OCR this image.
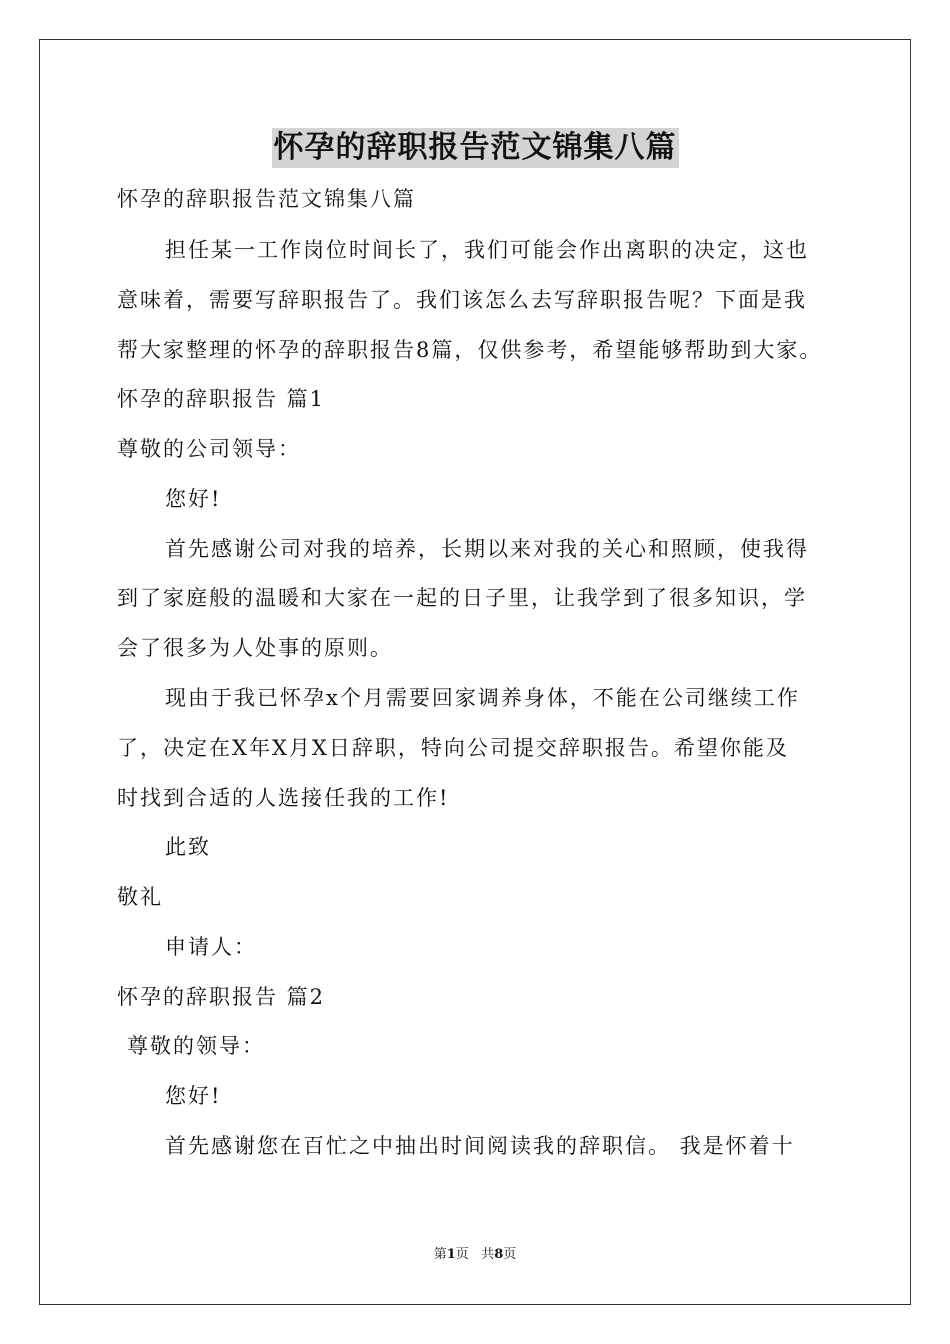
怀孕的辞职报告范文锦集八篇
怀孕的辞职报告范文锦集八篇
担任某一工作岗位时间长了，我们可能会作出离职的决定，这也
意味着，需要写辞职报告了。我们该怎么去写辞职报告呢？下面是我
帮大家整理的怀孕的辞职报告8篇，仅供参考，希望能够帮助到大家。
怀孕的辞职报告 篇1
尊敬的公司领导：
您好!
首先感谢公司对我的培养，长期以来对我的关心和照顾，使我得
到了家庭般的温暖和大家在一起的日子里，让我学到了很多知识，学
会了很多为人处事的原则。
现由于我已怀孕x个月需要回家调养身体，不能在公司继续工作
了，决定在X年X月X日辞职，特向公司提交辞职报告。希望你能及
时找到合适的人选接任我的工作!
此致
敬礼
申请人：
怀孕的辞职报告 篇2
尊敬的领导：
您好!
首先感谢您在百忙之中抽出时间阅读我的辞职信。 我是怀着十
第1页   共8页
